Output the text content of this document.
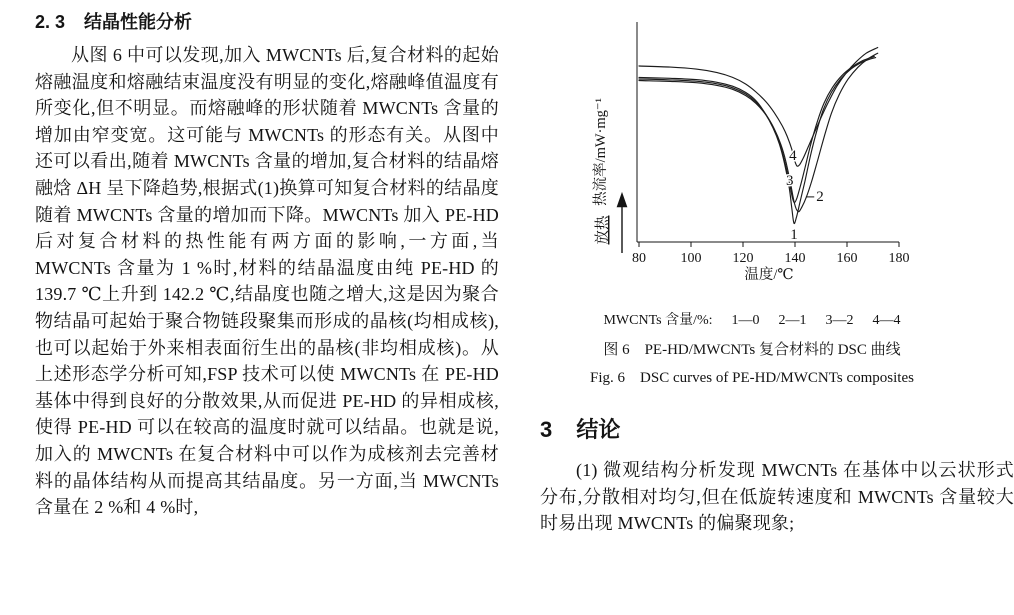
2. 3 结晶性能分析

从图 6 中可以发现,加入 MWCNTs 后,复合材料的起始熔融温度和熔融结束温度没有明显的变化,熔融峰值温度有所变化,但不明显。而熔融峰的形状随着 MWCNTs 含量的增加由窄变宽。这可能与 MWCNTs 的形态有关。从图中还可以看出,随着 MWCNTs 含量的增加,复合材料的结晶熔融焓 ΔH 呈下降趋势,根据式(1)换算可知复合材料的结晶度随着 MWCNTs 含量的增加而下降。MWCNTs 加入 PE-HD 后对复合材料的热性能有两方面的影响,一方面,当 MWCNTs 含量为 1 %时,材料的结晶温度由纯 PE-HD 的139.7 ℃上升到 142.2 ℃,结晶度也随之增大,这是因为聚合物结晶可起始于聚合物链段聚集而形成的晶核(均相成核),也可以起始于外来相表面衍生出的晶核(非均相成核)。从上述形态学分析可知,FSP 技术可以使 MWCNTs 在 PE-HD 基体中得到良好的分散效果,从而促进 PE-HD 的异相成核,使得 PE-HD 可以在较高的温度时就可以结晶。也就是说,加入的 MWCNTs 在复合材料中可以作为成核剂去完善材料的晶体结构从而提高其结晶度。另一方面,当 MWCNTs 含量在 2 %和 4 %时,

80 100 120 140 160 180
温度/℃
热流率/mW·mg⁻¹
放热	1
2
3
4
MWCNTs 含量/%: 1—0 2—1 3—2 4—4
图 6　PE-HD/MWCNTs 复合材料的 DSC 曲线
Fig. 6　DSC curves of PE-HD/MWCNTs composites
3 结论

(1) 微观结构分析发现 MWCNTs 在基体中以云状形式分布,分散相对均匀,但在低旋转速度和 MWCNTs 含量较大时易出现 MWCNTs 的偏聚现象;
